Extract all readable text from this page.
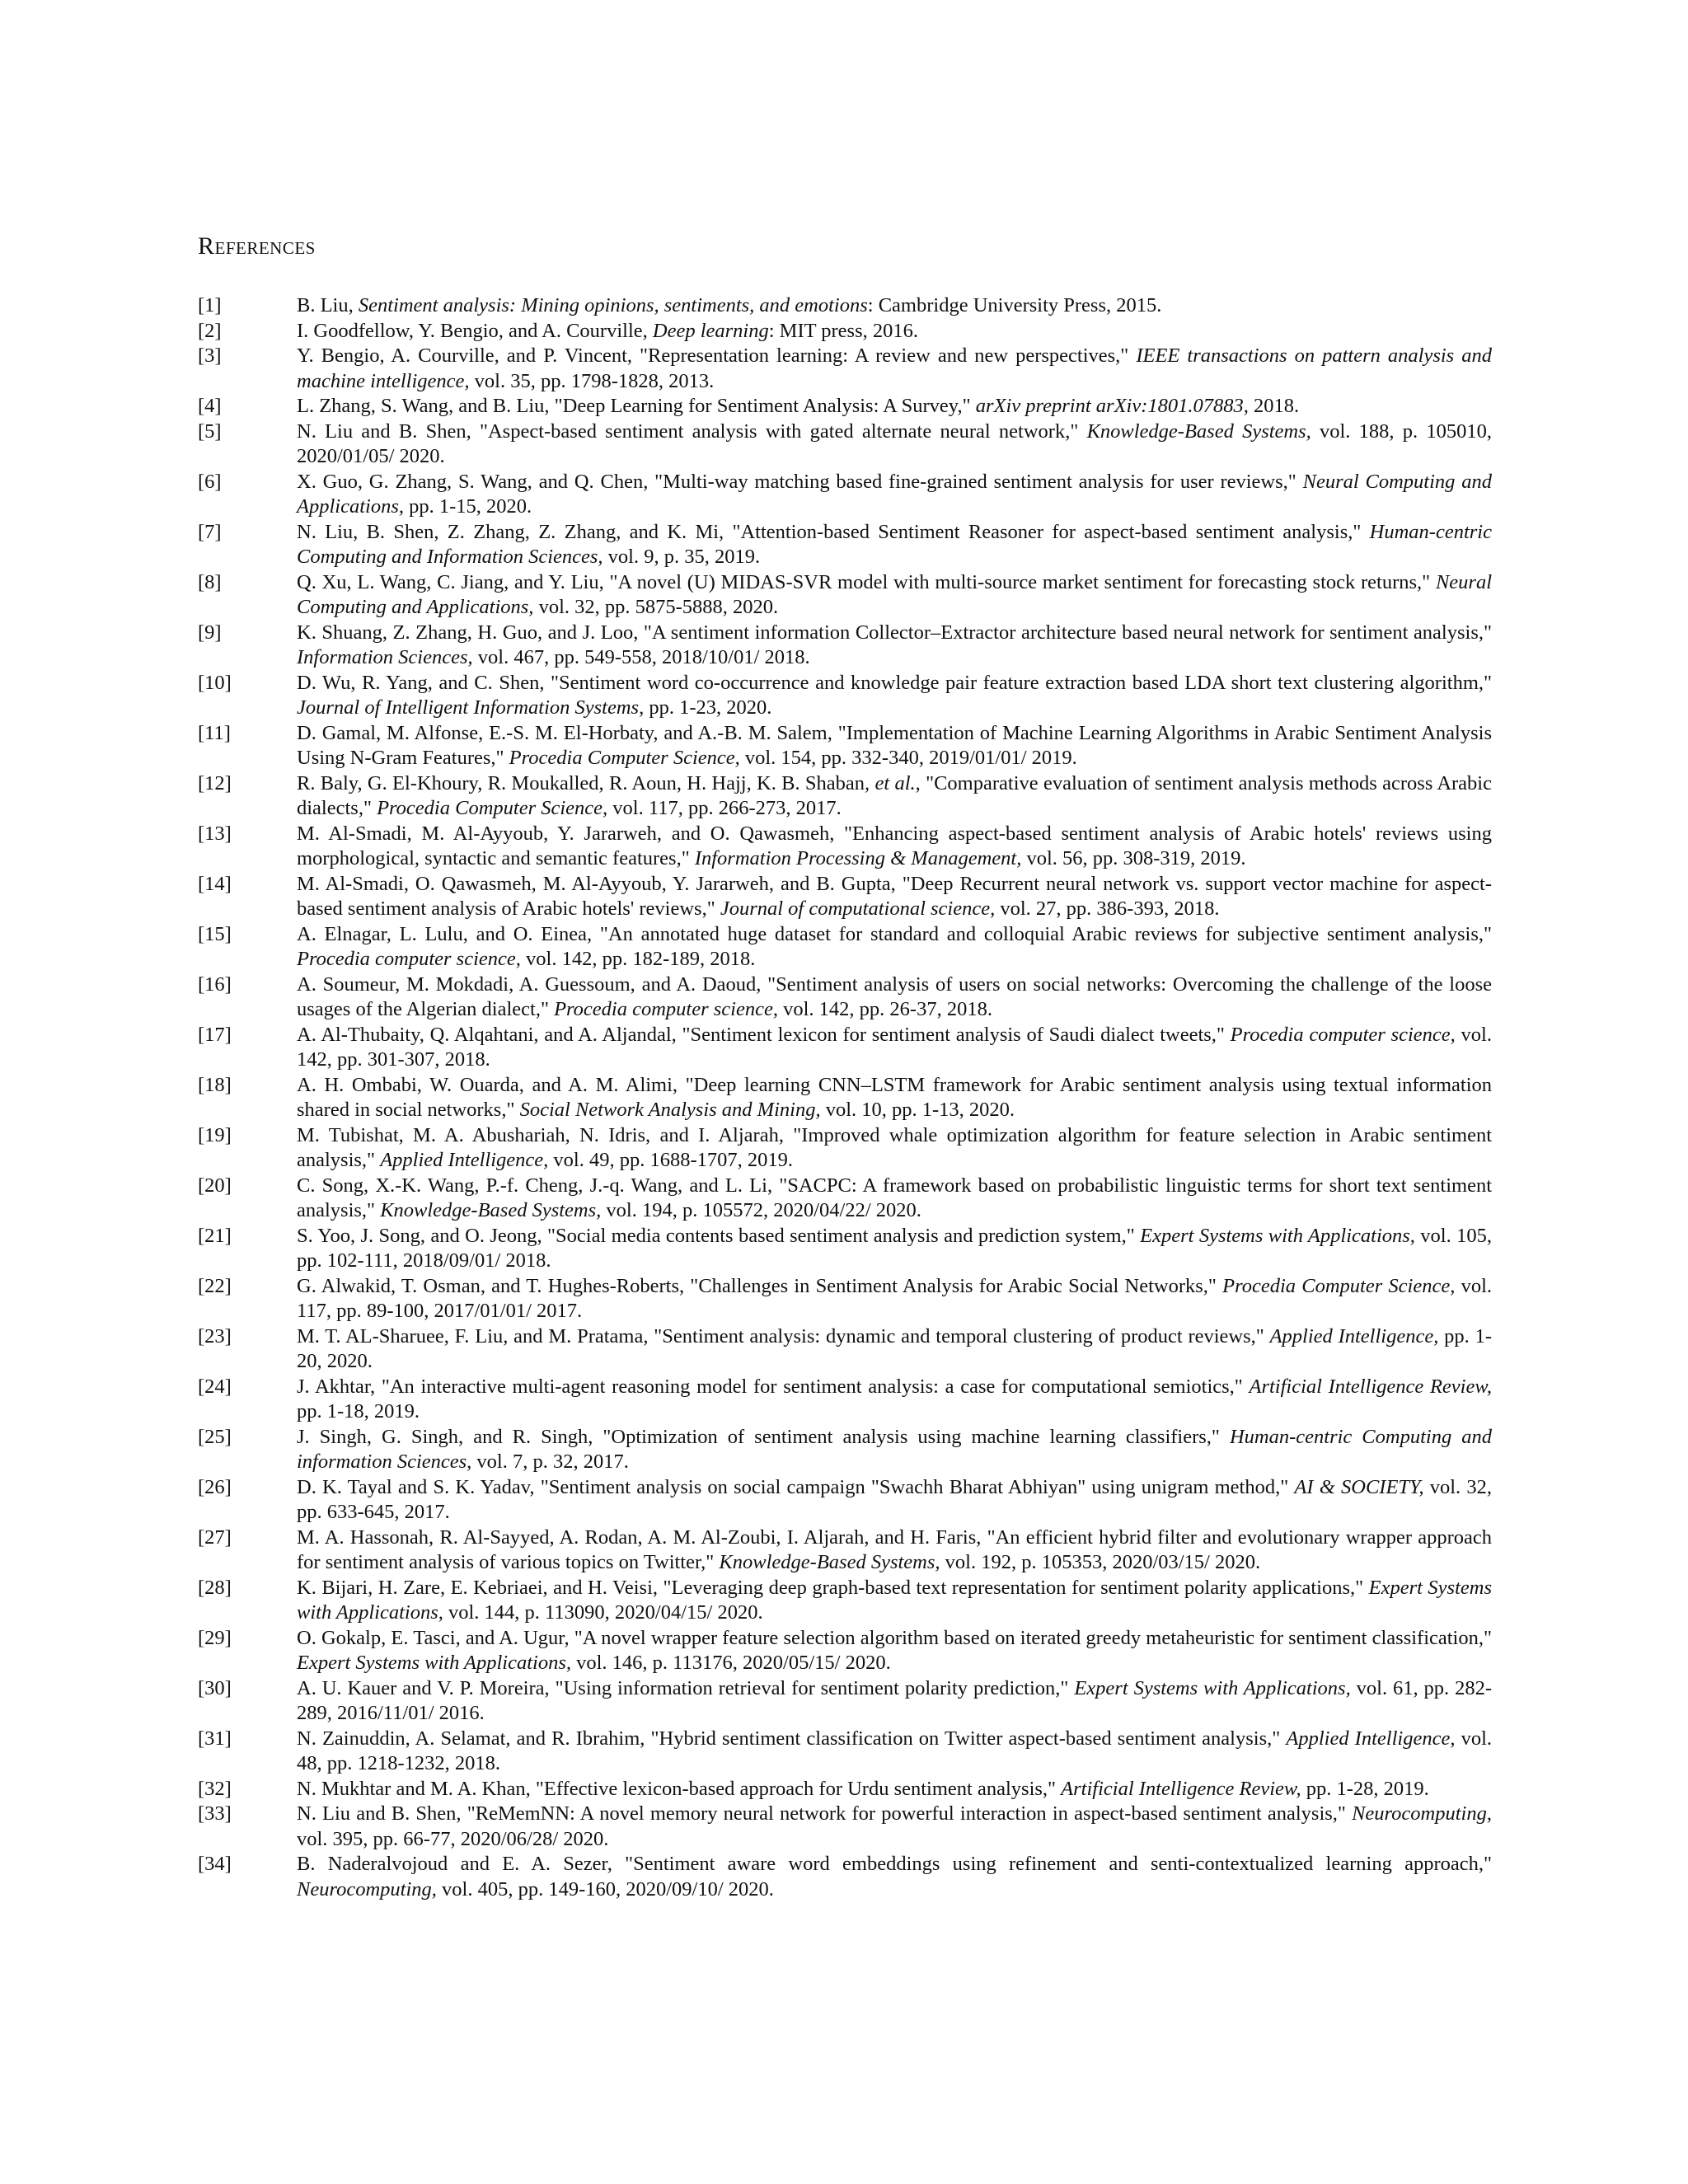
References
[1]	B. Liu, Sentiment analysis: Mining opinions, sentiments, and emotions: Cambridge University Press, 2015.
[2]	I. Goodfellow, Y. Bengio, and A. Courville, Deep learning: MIT press, 2016.
[3]	Y. Bengio, A. Courville, and P. Vincent, "Representation learning: A review and new perspectives," IEEE transactions on pattern analysis and machine intelligence, vol. 35, pp. 1798-1828, 2013.
[4]	L. Zhang, S. Wang, and B. Liu, "Deep Learning for Sentiment Analysis: A Survey," arXiv preprint arXiv:1801.07883, 2018.
[5]	N. Liu and B. Shen, "Aspect-based sentiment analysis with gated alternate neural network," Knowledge-Based Systems, vol. 188, p. 105010, 2020/01/05/ 2020.
[6]	X. Guo, G. Zhang, S. Wang, and Q. Chen, "Multi-way matching based fine-grained sentiment analysis for user reviews," Neural Computing and Applications, pp. 1-15, 2020.
[7]	N. Liu, B. Shen, Z. Zhang, Z. Zhang, and K. Mi, "Attention-based Sentiment Reasoner for aspect-based sentiment analysis," Human-centric Computing and Information Sciences, vol. 9, p. 35, 2019.
[8]	Q. Xu, L. Wang, C. Jiang, and Y. Liu, "A novel (U) MIDAS-SVR model with multi-source market sentiment for forecasting stock returns," Neural Computing and Applications, vol. 32, pp. 5875-5888, 2020.
[9]	K. Shuang, Z. Zhang, H. Guo, and J. Loo, "A sentiment information Collector–Extractor architecture based neural network for sentiment analysis," Information Sciences, vol. 467, pp. 549-558, 2018/10/01/ 2018.
[10]	D. Wu, R. Yang, and C. Shen, "Sentiment word co-occurrence and knowledge pair feature extraction based LDA short text clustering algorithm," Journal of Intelligent Information Systems, pp. 1-23, 2020.
[11]	D. Gamal, M. Alfonse, E.-S. M. El-Horbaty, and A.-B. M. Salem, "Implementation of Machine Learning Algorithms in Arabic Sentiment Analysis Using N-Gram Features," Procedia Computer Science, vol. 154, pp. 332-340, 2019/01/01/ 2019.
[12]	R. Baly, G. El-Khoury, R. Moukalled, R. Aoun, H. Hajj, K. B. Shaban, et al., "Comparative evaluation of sentiment analysis methods across Arabic dialects," Procedia Computer Science, vol. 117, pp. 266-273, 2017.
[13]	M. Al-Smadi, M. Al-Ayyoub, Y. Jararweh, and O. Qawasmeh, "Enhancing aspect-based sentiment analysis of Arabic hotels' reviews using morphological, syntactic and semantic features," Information Processing & Management, vol. 56, pp. 308-319, 2019.
[14]	M. Al-Smadi, O. Qawasmeh, M. Al-Ayyoub, Y. Jararweh, and B. Gupta, "Deep Recurrent neural network vs. support vector machine for aspect-based sentiment analysis of Arabic hotels' reviews," Journal of computational science, vol. 27, pp. 386-393, 2018.
[15]	A. Elnagar, L. Lulu, and O. Einea, "An annotated huge dataset for standard and colloquial Arabic reviews for subjective sentiment analysis," Procedia computer science, vol. 142, pp. 182-189, 2018.
[16]	A. Soumeur, M. Mokdadi, A. Guessoum, and A. Daoud, "Sentiment analysis of users on social networks: Overcoming the challenge of the loose usages of the Algerian dialect," Procedia computer science, vol. 142, pp. 26-37, 2018.
[17]	A. Al-Thubaity, Q. Alqahtani, and A. Aljandal, "Sentiment lexicon for sentiment analysis of Saudi dialect tweets," Procedia computer science, vol. 142, pp. 301-307, 2018.
[18]	A. H. Ombabi, W. Ouarda, and A. M. Alimi, "Deep learning CNN–LSTM framework for Arabic sentiment analysis using textual information shared in social networks," Social Network Analysis and Mining, vol. 10, pp. 1-13, 2020.
[19]	M. Tubishat, M. A. Abushariah, N. Idris, and I. Aljarah, "Improved whale optimization algorithm for feature selection in Arabic sentiment analysis," Applied Intelligence, vol. 49, pp. 1688-1707, 2019.
[20]	C. Song, X.-K. Wang, P.-f. Cheng, J.-q. Wang, and L. Li, "SACPC: A framework based on probabilistic linguistic terms for short text sentiment analysis," Knowledge-Based Systems, vol. 194, p. 105572, 2020/04/22/ 2020.
[21]	S. Yoo, J. Song, and O. Jeong, "Social media contents based sentiment analysis and prediction system," Expert Systems with Applications, vol. 105, pp. 102-111, 2018/09/01/ 2018.
[22]	G. Alwakid, T. Osman, and T. Hughes-Roberts, "Challenges in Sentiment Analysis for Arabic Social Networks," Procedia Computer Science, vol. 117, pp. 89-100, 2017/01/01/ 2017.
[23]	M. T. AL-Sharuee, F. Liu, and M. Pratama, "Sentiment analysis: dynamic and temporal clustering of product reviews," Applied Intelligence, pp. 1-20, 2020.
[24]	J. Akhtar, "An interactive multi-agent reasoning model for sentiment analysis: a case for computational semiotics," Artificial Intelligence Review, pp. 1-18, 2019.
[25]	J. Singh, G. Singh, and R. Singh, "Optimization of sentiment analysis using machine learning classifiers," Human-centric Computing and information Sciences, vol. 7, p. 32, 2017.
[26]	D. K. Tayal and S. K. Yadav, "Sentiment analysis on social campaign "Swachh Bharat Abhiyan" using unigram method," AI & SOCIETY, vol. 32, pp. 633-645, 2017.
[27]	M. A. Hassonah, R. Al-Sayyed, A. Rodan, A. M. Al-Zoubi, I. Aljarah, and H. Faris, "An efficient hybrid filter and evolutionary wrapper approach for sentiment analysis of various topics on Twitter," Knowledge-Based Systems, vol. 192, p. 105353, 2020/03/15/ 2020.
[28]	K. Bijari, H. Zare, E. Kebriaei, and H. Veisi, "Leveraging deep graph-based text representation for sentiment polarity applications," Expert Systems with Applications, vol. 144, p. 113090, 2020/04/15/ 2020.
[29]	O. Gokalp, E. Tasci, and A. Ugur, "A novel wrapper feature selection algorithm based on iterated greedy metaheuristic for sentiment classification," Expert Systems with Applications, vol. 146, p. 113176, 2020/05/15/ 2020.
[30]	A. U. Kauer and V. P. Moreira, "Using information retrieval for sentiment polarity prediction," Expert Systems with Applications, vol. 61, pp. 282-289, 2016/11/01/ 2016.
[31]	N. Zainuddin, A. Selamat, and R. Ibrahim, "Hybrid sentiment classification on Twitter aspect-based sentiment analysis," Applied Intelligence, vol. 48, pp. 1218-1232, 2018.
[32]	N. Mukhtar and M. A. Khan, "Effective lexicon-based approach for Urdu sentiment analysis," Artificial Intelligence Review, pp. 1-28, 2019.
[33]	N. Liu and B. Shen, "ReMemNN: A novel memory neural network for powerful interaction in aspect-based sentiment analysis," Neurocomputing, vol. 395, pp. 66-77, 2020/06/28/ 2020.
[34]	B. Naderalvojoud and E. A. Sezer, "Sentiment aware word embeddings using refinement and senti-contextualized learning approach," Neurocomputing, vol. 405, pp. 149-160, 2020/09/10/ 2020.
